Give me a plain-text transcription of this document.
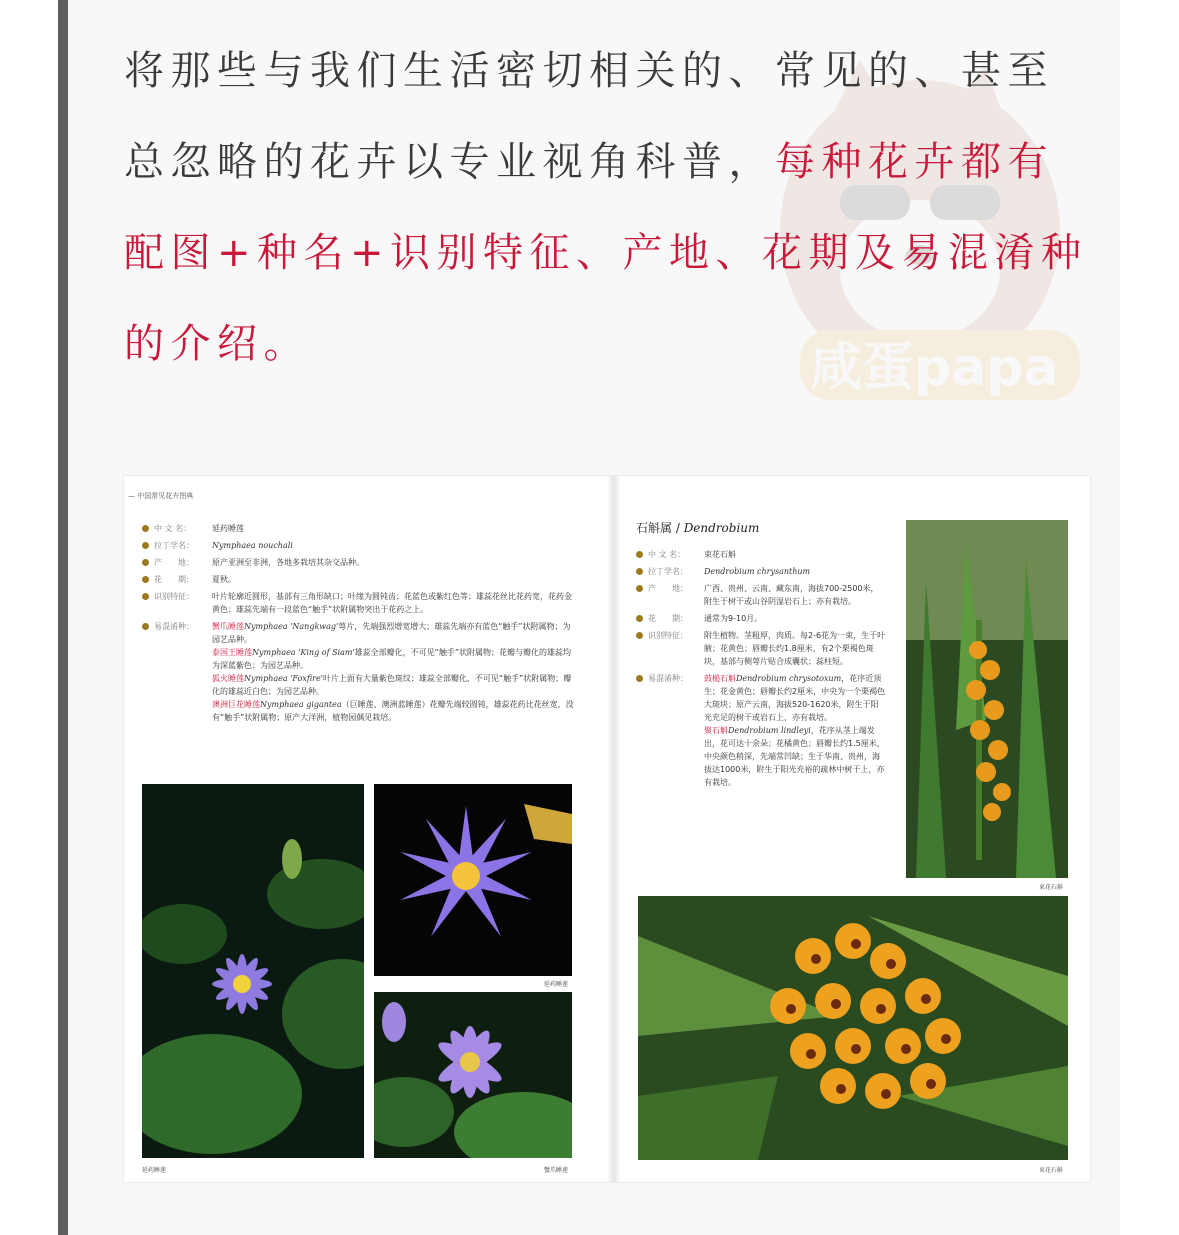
咸蛋papa

将那些与我们生活密切相关的、常见的、甚至总忽略的花卉以专业视角科普，每种花卉都有配图+种名+识别特征、产地、花期及易混淆种的介绍。

— 中国常见花卉图典
中 文 名：	延药睡莲
拉丁学名： Nymphaea nouchali
产　　地： 原产亚洲至非洲，各地多栽培其杂交品种。
花　　期： 夏秋。
识别特征： 叶片轮廓近圆形，基部有三角形缺口；叶缘为圆钝齿；花蓝色或紫红色等；雄蕊花丝比花药宽，花药金黄色；雄蕊先端有一段蓝色“触手”状附属物突出于花药之上。
易混淆种： 蟹爪睡莲Nymphaea 'Nangkwag'萼片，先端强烈增宽增大；雄蕊先端亦有蓝色“触手”状附属物；为园艺品种。
泰国王睡莲Nymphaea 'King of Siam'雄蕊全部瓣化，不可见“触手”状附属物；花瓣与瓣化的雄蕊均为深蓝紫色；为园艺品种。
狐火睡莲Nymphaea 'Foxfire'叶片上面有大量紫色斑纹；雄蕊全部瓣化，不可见“触手”状附属物；瓣化的雄蕊近白色；为园艺品种。
澳洲巨花睡莲Nymphaea gigantea（巨睡莲、澳洲蓝睡莲）花瓣先端较圆钝，雄蕊花药比花丝宽，没有“触手”状附属物；原产大洋洲，植物园偶见栽培。
延药睡莲
延药睡莲	蟹爪睡莲
石斛属 / Dendrobium
中 文 名： 束花石斛
拉丁学名： Dendrobium chrysanthum
产　　地： 广西、贵州、云南、藏东南，海拔700-2500米，附生于树干或山谷阴湿岩石上；亦有栽培。
花　　期： 通常为9-10月。
识别特征： 附生植物。茎粗厚，肉质。每2-6花为一束，生于叶腋；花黄色；唇瓣长约1.8厘米，有2个栗褐色斑块，基部与侧萼片贴合成囊状；蕊柱短。
易混淆种： 鼓槌石斛Dendrobium chrysotoxum，花序近顶生；花金黄色；唇瓣长约2厘米，中央为一个栗褐色大斑块；原产云南，海拔520-1620米，附生于阳光充足的树干或岩石上，亦有栽培。
聚石斛Dendrobium lindleyi，花序从茎上端发出，花可达十余朵；花橘黄色；唇瓣长约1.5厘米，中央颜色稍深，先端常凹缺；生于华南、贵州，海拔达1000米，附生于阳光充裕的疏林中树干上，亦有栽培。
束花石斛
束花石斛
